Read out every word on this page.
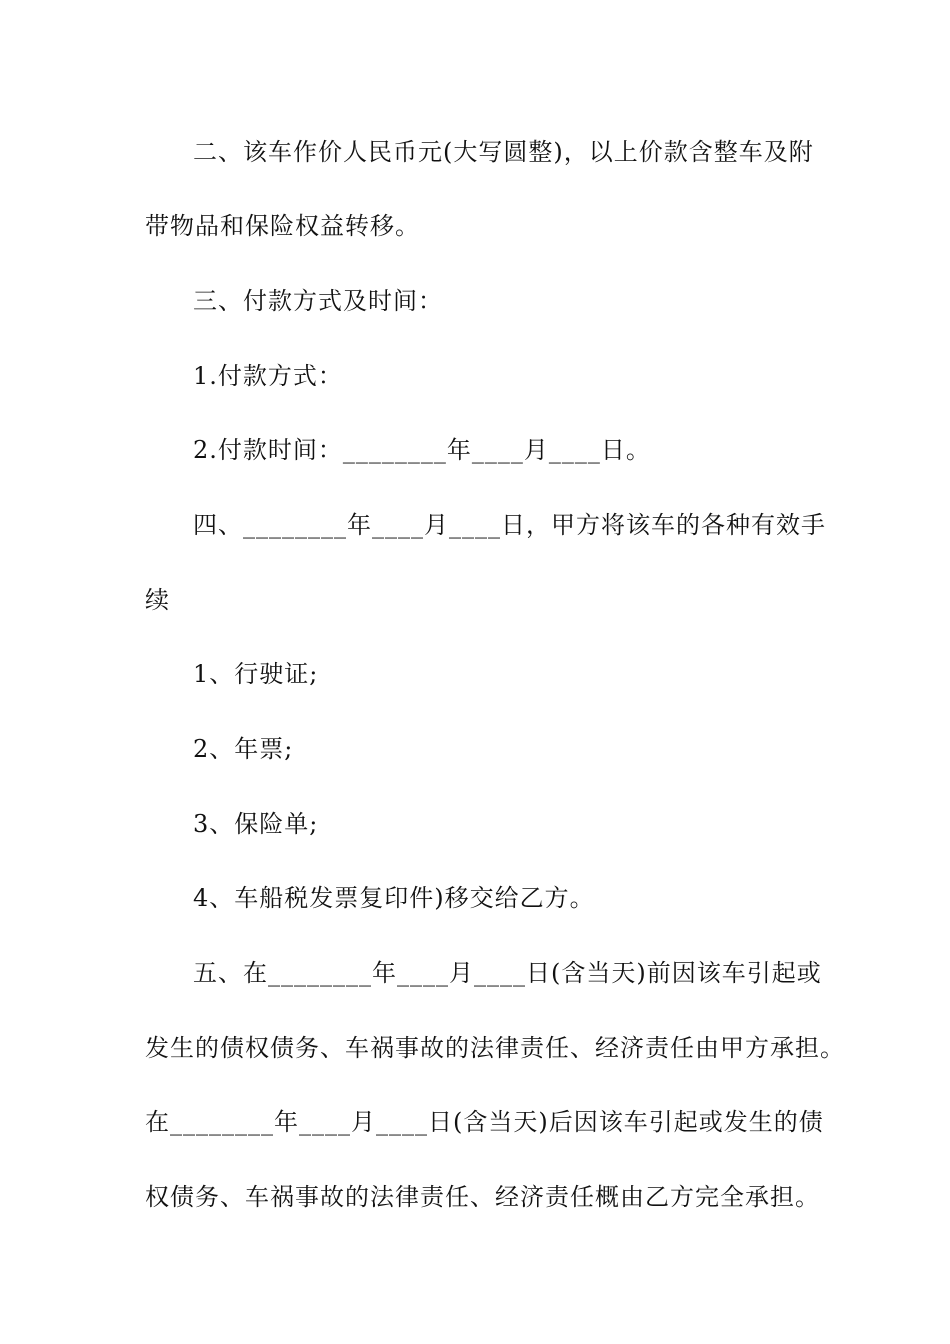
二、该车作价人民币元(大写圆整)，以上价款含整车及附
带物品和保险权益转移。
三、付款方式及时间：
1.付款方式：
2.付款时间：________年____月____日。
四、________年____月____日，甲方将该车的各种有效手
续
1、行驶证;
2、年票;
3、保险单;
4、车船税发票复印件)移交给乙方。
五、在________年____月____日(含当天)前因该车引起或
发生的债权债务、车祸事故的法律责任、经济责任由甲方承担。
在________年____月____日(含当天)后因该车引起或发生的债
权债务、车祸事故的法律责任、经济责任概由乙方完全承担。
